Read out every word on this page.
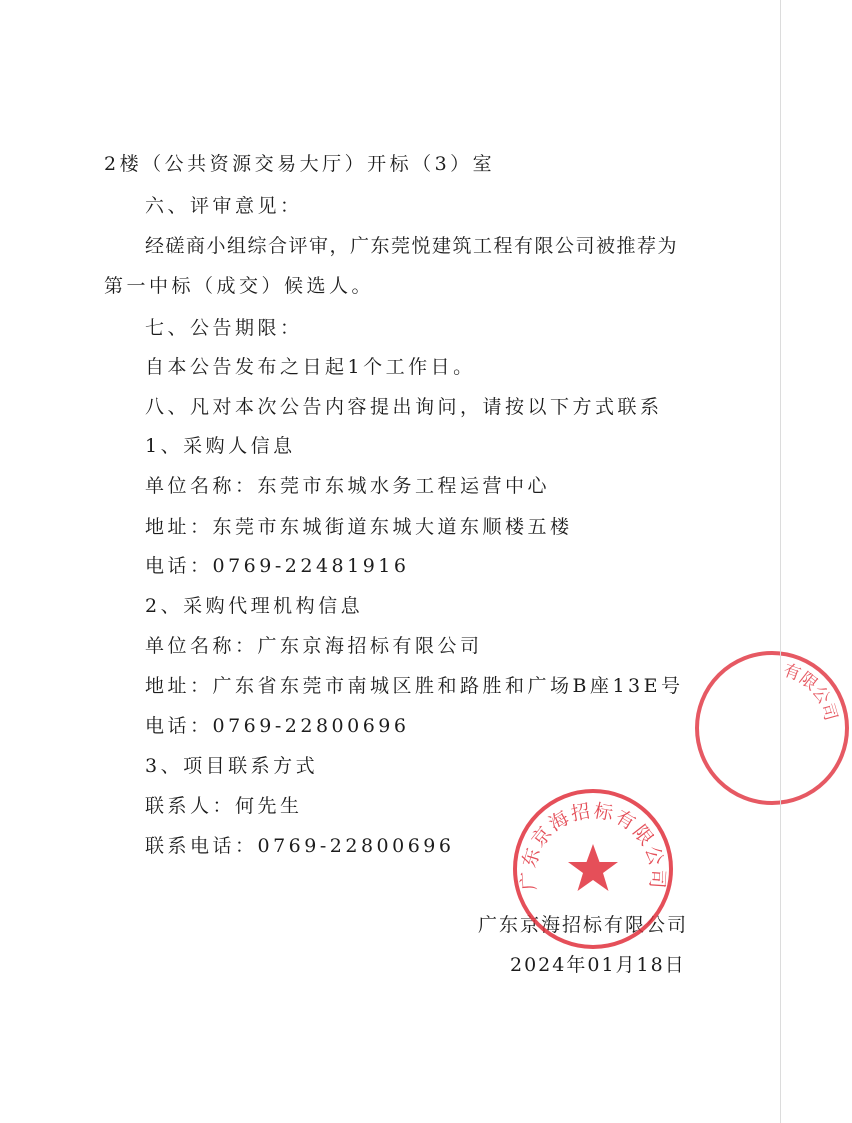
2楼（公共资源交易大厅）开标（3）室
六、评审意见：
经磋商小组综合评审，广东莞悦建筑工程有限公司被推荐为
第一中标（成交）候选人。
七、公告期限：
自本公告发布之日起1个工作日。
八、凡对本次公告内容提出询问，请按以下方式联系
1、采购人信息
单位名称：东莞市东城水务工程运营中心
地址：东莞市东城街道东城大道东顺楼五楼
电话：0769-22481916
2、采购代理机构信息
单位名称：广东京海招标有限公司
地址：广东省东莞市南城区胜和路胜和广场B座13E号
电话：0769-22800696
3、项目联系方式
联系人：何先生
联系电话：0769-22800696
广东京海招标有限公司
2024年01月18日
广东京海招标有限公司
有限公司
